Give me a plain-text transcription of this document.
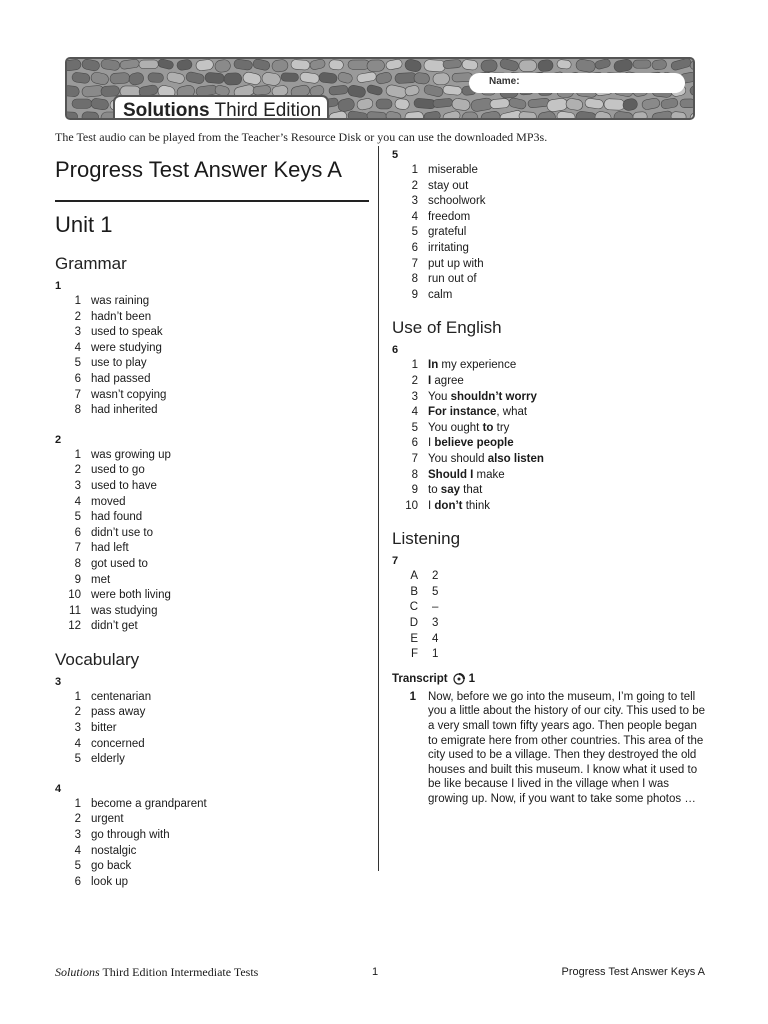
Name:
Solutions Third Edition
The Test audio can be played from the Teacher’s Resource Disk or you can use the downloaded MP3s.
Progress Test Answer Keys A
Unit 1
Grammar
1
1 was raining
2 hadn’t been
3 used to speak
4 were studying
5 use to play
6 had passed
7 wasn’t copying
8 had inherited
2
1 was growing up
2 used to go
3 used to have
4 moved
5 had found
6 didn’t use to
7 had left
8 got used to
9 met
10 were both living
11 was studying
12 didn’t get
Vocabulary
3
1 centenarian
2 pass away
3 bitter
4 concerned
5 elderly
4
1 become a grandparent
2 urgent
3 go through with
4 nostalgic
5 go back
6 look up
5
1 miserable
2 stay out
3 schoolwork
4 freedom
5 grateful
6 irritating
7 put up with
8 run out of
9 calm
Use of English
6
1 In my experience
2 I agree
3 You shouldn’t worry
4 For instance, what
5 You ought to try
6 I believe people
7 You should also listen
8 Should I make
9 to say that
10 I don’t think
Listening
7
A	2
B	5
C	–
D	3
E	4
F	1
Transcript 1
1	Now, before we go into the museum, I’m going to tell you a little about the history of our city. This used to be a very small town fifty years ago. Then people began to emigrate here from other countries. This area of the city used to be a village. Then they destroyed the old houses and built this museum. I know what it used to be like because I lived in the village when I was growing up. Now, if you want to take some photos …
Solutions Third Edition Intermediate Tests	1	Progress Test Answer Keys A
